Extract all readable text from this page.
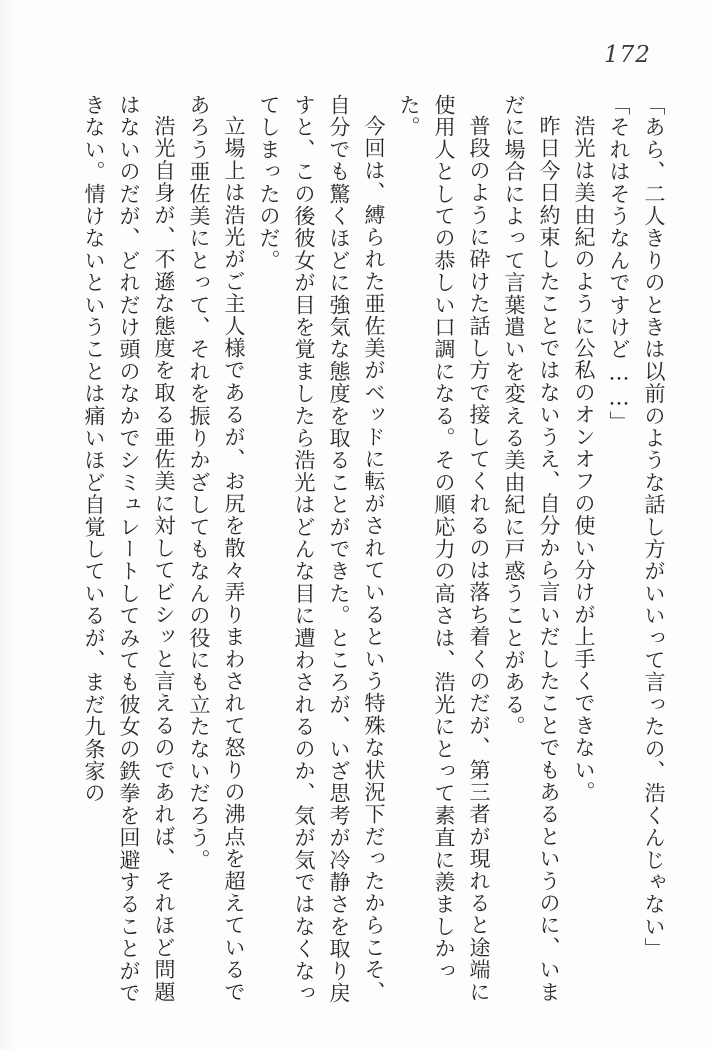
172

「あら、二人きりのときは以前のような話し方がいいって言ったの、浩くんじゃない」

「それはそうなんですけど……」

浩光は美由紀のように公私のオンオフの使い分けが上手くできない。

昨日今日約束したことではないうえ、自分から言いだしたことでもあるというのに、いまだに場合によって言葉遣いを変える美由紀に戸惑うことがある。

普段のように砕けた話し方で接してくれるのは落ち着くのだが、第三者が現れると途端に使用人としての恭しい口調になる。その順応力の高さは、浩光にとって素直に羨ましかった。

今回は、縛られた亜佐美がベッドに転がされているという特殊な状況下だったからこそ、自分でも驚くほどに強気な態度を取ることができた。ところが、いざ思考が冷静さを取り戻すと、この後彼女が目を覚ましたら浩光はどんな目に遭わされるのか、気が気ではなくなってしまったのだ。

立場上は浩光がご主人様であるが、お尻を散々弄りまわされて怒りの沸点を超えているであろう亜佐美にとって、それを振りかざしてもなんの役にも立たないだろう。

浩光自身が、不遜な態度を取る亜佐美に対してビシッと言えるのであれば、それほど問題はないのだが、どれだけ頭のなかでシミュレートしてみても彼女の鉄拳を回避することができない。情けないということは痛いほど自覚しているが、まだ九条家の
